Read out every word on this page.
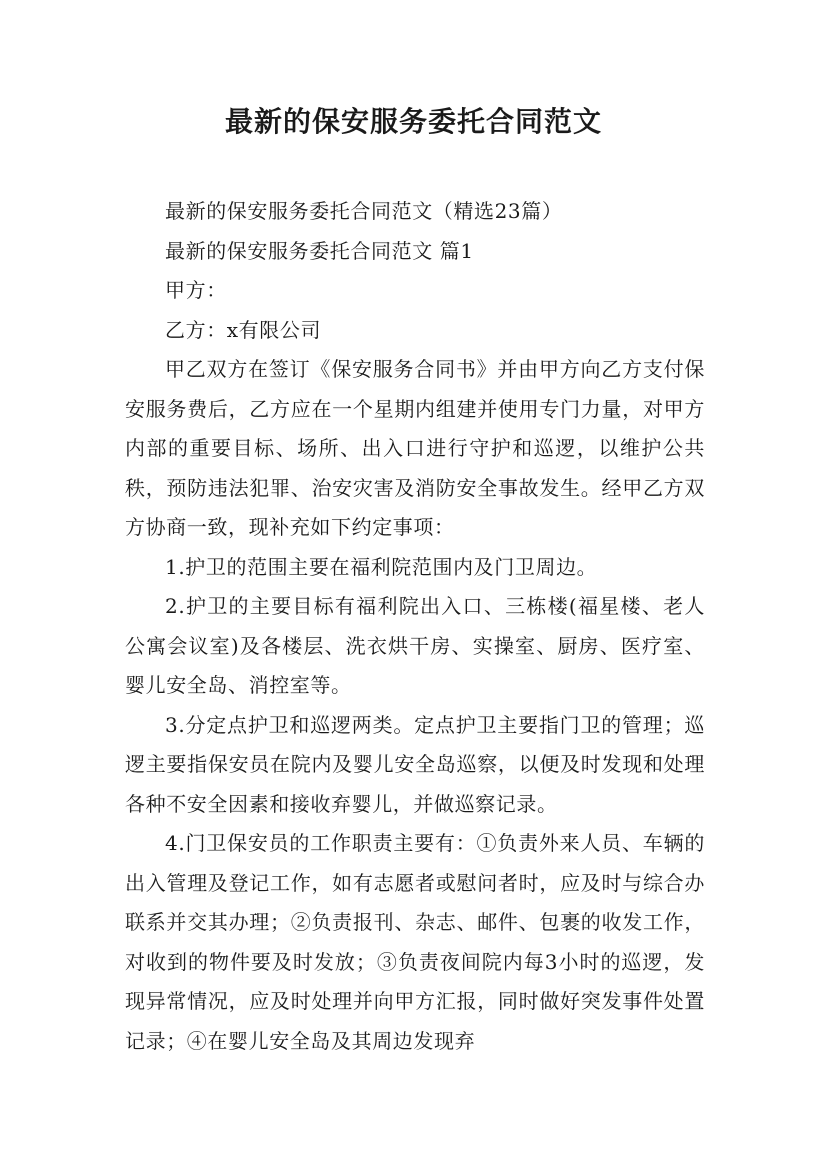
最新的保安服务委托合同范文

最新的保安服务委托合同范文（精选23篇）

最新的保安服务委托合同范文 篇1

甲方：

乙方：x有限公司

甲乙双方在签订《保安服务合同书》并由甲方向乙方支付保安服务费后，乙方应在一个星期内组建并使用专门力量，对甲方内部的重要目标、场所、出入口进行守护和巡逻，以维护公共秩，预防违法犯罪、治安灾害及消防安全事故发生。经甲乙方双方协商一致，现补充如下约定事项：

1.护卫的范围主要在福利院范围内及门卫周边。

2.护卫的主要目标有福利院出入口、三栋楼(福星楼、老人公寓会议室)及各楼层、洗衣烘干房、实操室、厨房、医疗室、婴儿安全岛、消控室等。

3.分定点护卫和巡逻两类。定点护卫主要指门卫的管理；巡逻主要指保安员在院内及婴儿安全岛巡察，以便及时发现和处理各种不安全因素和接收弃婴儿，并做巡察记录。

4.门卫保安员的工作职责主要有：①负责外来人员、车辆的出入管理及登记工作，如有志愿者或慰问者时，应及时与综合办联系并交其办理；②负责报刊、杂志、邮件、包裹的收发工作，对收到的物件要及时发放；③负责夜间院内每3小时的巡逻，发现异常情况，应及时处理并向甲方汇报，同时做好突发事件处置记录；④在婴儿安全岛及其周边发现弃
